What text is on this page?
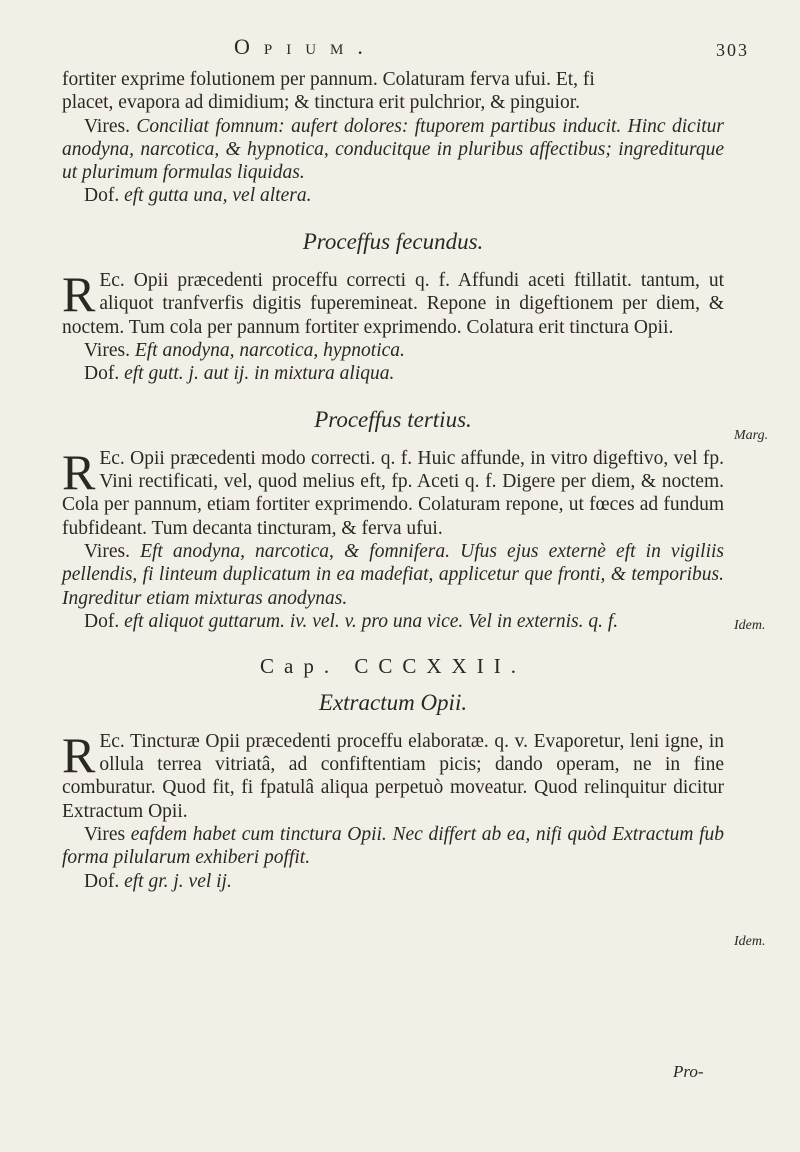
Opium.	303

fortiter exprime folutionem per pannum. Colaturam ferva ufui. Et, fi

placet, evapora ad dimidium; & tinctura erit pulchrior, & pinguior.

Vires. Conciliat fomnum: aufert dolores: ftuporem partibus inducit. Hinc dicitur anodyna, narcotica, & hypnotica, conducitque in pluribus affectibus; ingrediturque ut plurimum formulas liquidas.

Dof. eft gutta una, vel altera.

Proceffus fecundus.

R Ec. Opii præcedenti proceffu correcti q. f. Affundi aceti ftillatit. tantum, ut aliquot tranfverfis digitis fuperemineat. Repone in digeftionem per diem, & noctem. Tum cola per pannum fortiter exprimendo. Colatura erit tinctura Opii.

Vires. Eft anodyna, narcotica, hypnotica.

Dof. eft gutt. j. aut ij. in mixtura aliqua.

Proceffus tertius.

R Ec. Opii præcedenti modo correcti. q. f. Huic affunde, in vitro digeftivo, vel fp. Vini rectificati, vel, quod melius eft, fp. Aceti q. f. Digere per diem, & noctem. Cola per pannum, etiam fortiter exprimendo. Colaturam repone, ut fœces ad fundum fubfideant. Tum decanta tincturam, & ferva ufui.

Vires. Eft anodyna, narcotica, & fomnifera. Ufus ejus externè eft in vigiliis pellendis, fi linteum duplicatum in ea madefiat, applicetur que fronti, & temporibus. Ingreditur etiam mixturas anodynas.

Dof. eft aliquot guttarum. iv. vel. v. pro una vice. Vel in externis. q. f.

Cap. CCCXXII.
Extractum Opii.

R Ec. Tincturæ Opii præcedenti proceffu elaboratæ. q. v. Evaporetur, leni igne, in ollula terrea vitriatâ, ad confiftentiam picis; dando operam, ne in fine comburatur. Quod fit, fi fpatulâ aliqua perpetuò moveatur. Quod relinquitur dicitur Extractum Opii.

Vires eafdem habet cum tinctura Opii. Nec differt ab ea, nifi quòd Extractum fub forma pilularum exhiberi poffit.

Dof. eft gr. j. vel ij.

Marg.
Idem.
Idem.
Pro-
